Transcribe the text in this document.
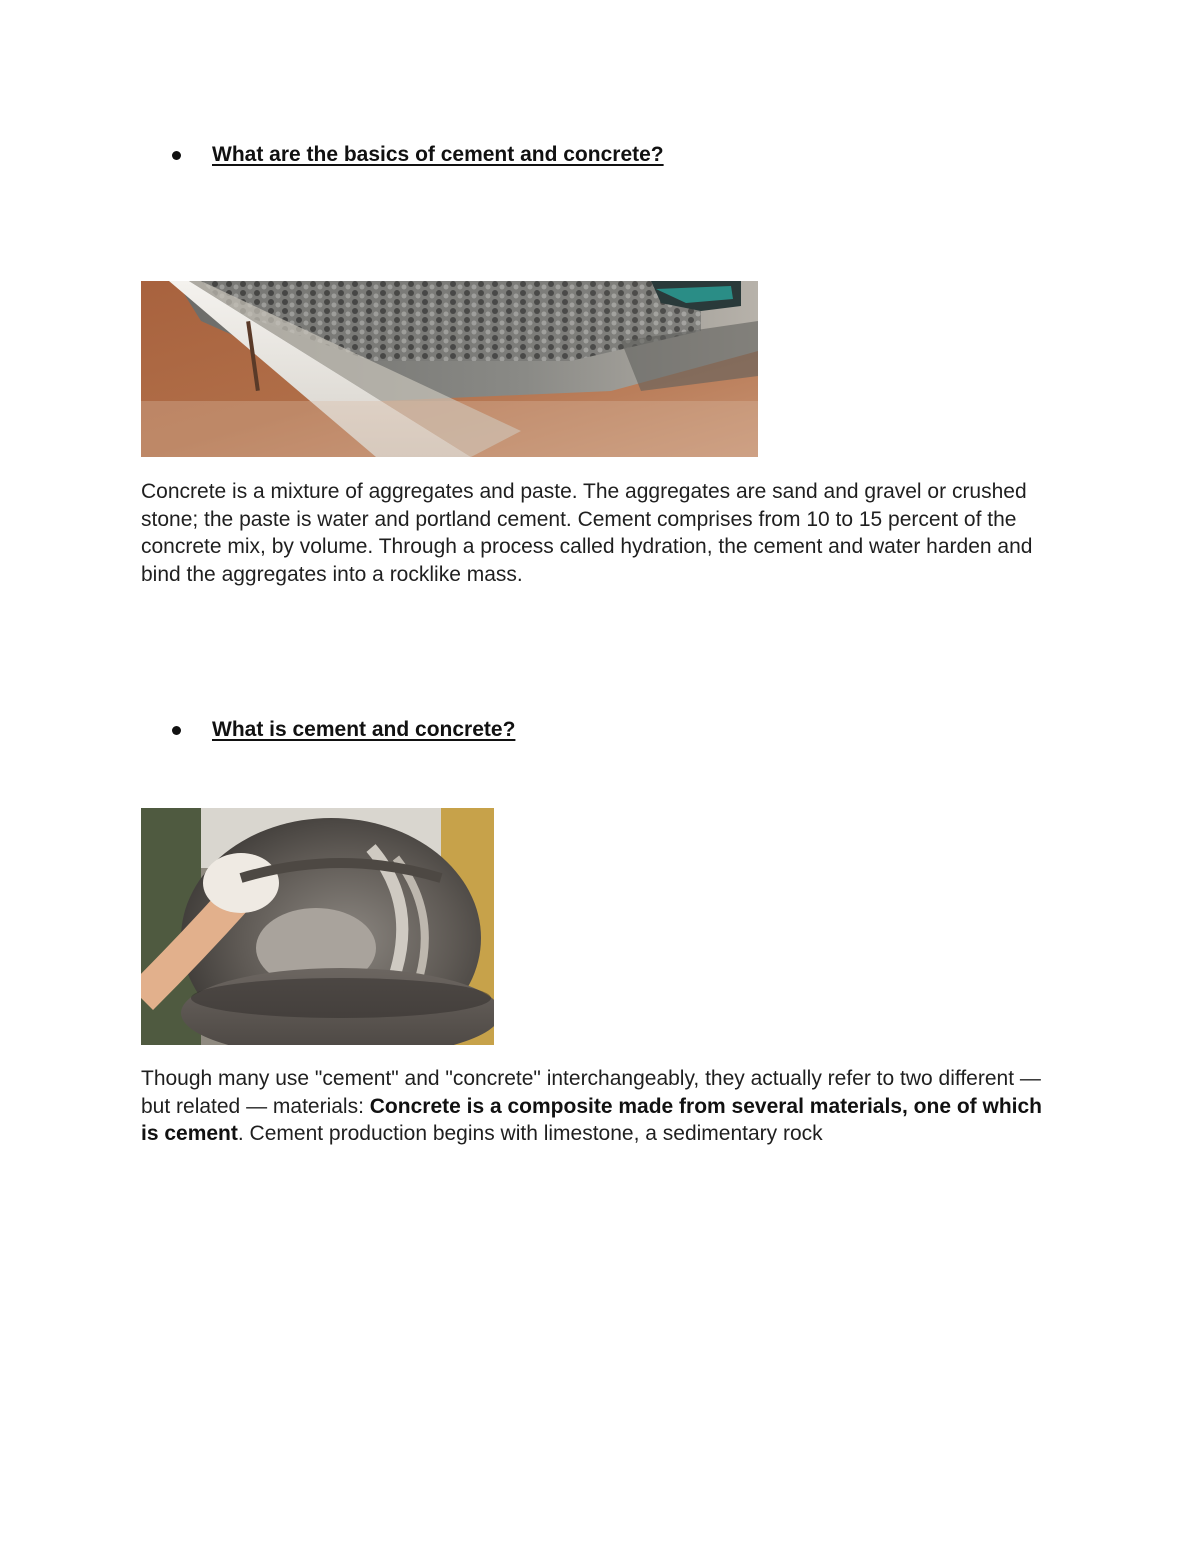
What are the basics of cement and concrete?

Concrete is a mixture of aggregates and paste. The aggregates are sand and gravel or crushed stone; the paste is water and portland cement. Cement comprises from 10 to 15 percent of the concrete mix, by volume. Through a process called hydration, the cement and water harden and bind the aggregates into a rocklike mass.

What is cement and concrete?

Though many use "cement" and "concrete" interchangeably, they actually refer to two different — but related — materials: Concrete is a composite made from several materials, one of which is cement. Cement production begins with limestone, a sedimentary rock
